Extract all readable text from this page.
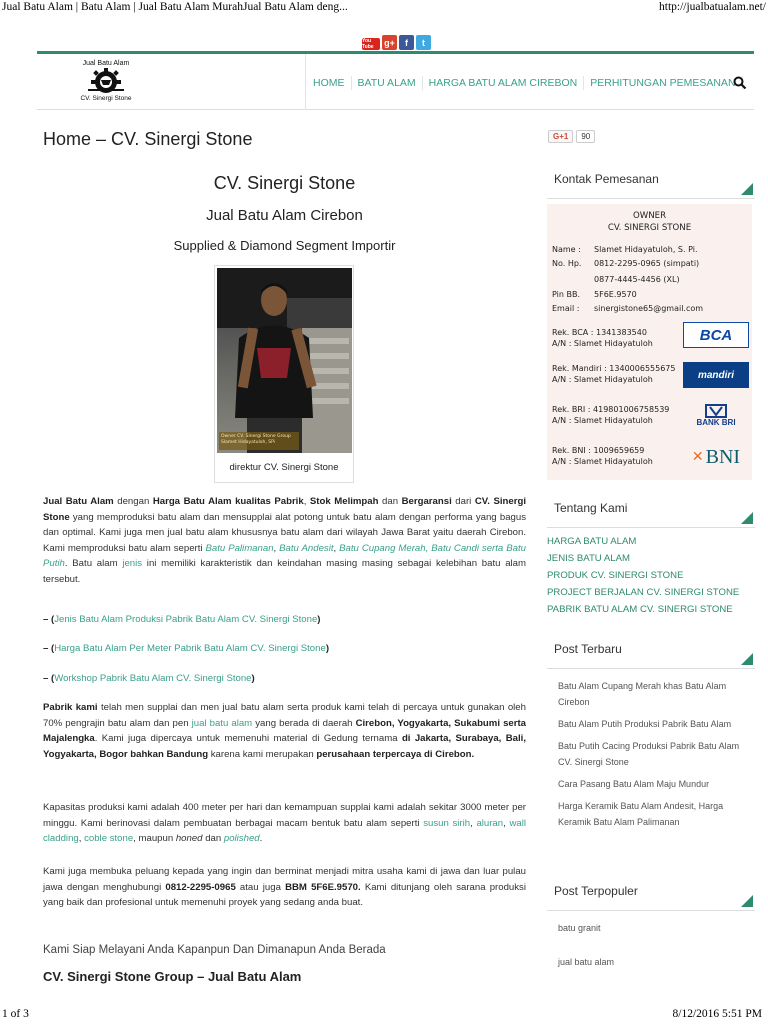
Jual Batu Alam | Batu Alam | Jual Batu Alam MurahJual Batu Alam deng...	http://jualbatualam.net/
You Tube	g+	f	t
Jual Batu Alam
CV. Sinergi Stone
HOME	BATU ALAM	HARGA BATU ALAM CIREBON	PERHITUNGAN PEMESANAN
Home – CV. Sinergi Stone
CV. Sinergi Stone
Jual Batu Alam Cirebon
Supplied & Diamond Segment Importir
Owner CV. Sinergi Stone Group Slamet Hidayatuloh, SPi
direktur CV. Sinergi Stone
Jual Batu Alam dengan Harga Batu Alam kualitas Pabrik, Stok Melimpah dan Bergaransi dari CV. Sinergi Stone yang memproduksi batu alam dan mensupplai alat potong untuk batu alam dengan performa yang bagus dan optimal. Kami juga men jual batu alam khususnya batu alam dari wilayah Jawa Barat yaitu daerah Cirebon. Kami memproduksi batu alam seperti Batu Palimanan, Batu Andesit, Batu Cupang Merah, Batu Candi serta Batu Putih. Batu alam jenis ini memiliki karakteristik dan keindahan masing masing sebagai kelebihan batu alam tersebut.
– (Jenis Batu Alam Produksi Pabrik Batu Alam CV. Sinergi Stone)
– (Harga Batu Alam Per Meter Pabrik Batu Alam CV. Sinergi Stone)
– (Workshop Pabrik Batu Alam CV. Sinergi Stone)
Pabrik kami telah men supplai dan men jual batu alam serta produk kami telah di percaya untuk gunakan oleh 70% pengrajin batu alam dan pen jual batu alam yang berada di daerah Cirebon, Yogyakarta, Sukabumi serta Majalengka. Kami juga dipercaya untuk memenuhi material di Gedung ternama di Jakarta, Surabaya, Bali, Yogyakarta, Bogor bahkan Bandung karena kami merupakan perusahaan terpercaya di Cirebon.
Kapasitas produksi kami adalah 400 meter per hari dan kemampuan supplai kami adalah sekitar 3000 meter per minggu. Kami berinovasi dalam pembuatan berbagai macam bentuk batu alam seperti susun sirih, aluran, wall cladding, coble stone, maupun honed dan polished.
Kami juga membuka peluang kepada yang ingin dan berminat menjadi mitra usaha kami di jawa dan luar pulau jawa dengan menghubungi 0812-2295-0965 atau juga BBM 5F6E.9570. Kami ditunjang oleh sarana produksi yang baik dan profesional untuk memenuhi proyek yang sedang anda buat.
Kami Siap Melayani Anda Kapanpun Dan Dimanapun Anda Berada
CV. Sinergi Stone Group – Jual Batu Alam
G+1	90
Kontak Pemesanan
OWNER
CV. SINERGI STONE
Name : Slamet Hidayatuloh, S. Pi.
No. Hp. 0812-2295-0965 (simpati)
0877-4445-4456 (XL)
Pin BB. 5F6E.9570
Email : sinergistone65@gmail.com
Rek. BCA : 1341383540
A/N : Slamet Hidayatuloh	BCA
Rek. Mandiri : 1340006555675
A/N : Slamet Hidayatuloh	mandiri
Rek. BRI : 419801006758539
A/N : Slamet Hidayatuloh	BANK BRI
Rek. BNI : 1009659659
A/N : Slamet Hidayatuloh	✕ BNI
Tentang Kami
HARGA BATU ALAM
JENIS BATU ALAM
PRODUK CV. SINERGI STONE
PROJECT BERJALAN CV. SINERGI STONE
PABRIK BATU ALAM CV. SINERGI STONE
Post Terbaru
Batu Alam Cupang Merah khas Batu Alam Cirebon
Batu Alam Putih Produksi Pabrik Batu Alam
Batu Putih Cacing Produksi Pabrik Batu Alam CV. Sinergi Stone
Cara Pasang Batu Alam Maju Mundur
Harga Keramik Batu Alam Andesit, Harga Keramik Batu Alam Palimanan
Post Terpopuler
batu granit
jual batu alam
1 of 3	8/12/2016 5:51 PM
